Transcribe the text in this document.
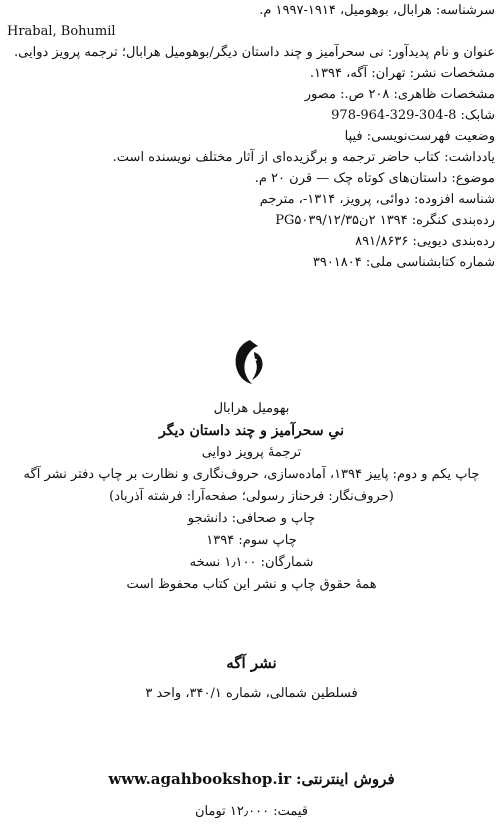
سرشناسه: هرابال، بوهومیل، ۱۹۱۴-۱۹۹۷ م.
Hrabal, Bohumil
عنوان و نام پدیدآور: نی سحرآمیز و چند داستان دیگر/بوهومیل هرابال؛ ترجمه پرویز دوایی.
مشخصات نشر: تهران: آگه، ۱۳۹۴.
مشخصات ظاهری: ۲۰۸ ص.: مصور
شابک: 8-304-329-964-978
وضعیت فهرست‌نویسی: فیپا
یادداشت: کتاب حاضر ترجمه و برگزیده‌ای از آثار مختلف نویسنده است.
موضوع: داستان‌های کوتاه چک — قرن ۲۰ م.
شناسه افزوده: دوائی، پرویز، ۱۳۱۴-، مترجم
رده‌بندی کنگره: ۱۳۹۴ ۲ن۱۲/۳۵/PG۵۰۳۹
رده‌بندی دیویی: ۸۹۱/۸۶۳۶
شماره کتابشناسی ملی: ۳۹۰۱۸۰۴
بهومیل هرابال
نیِ سحرآمیز و چند داستان دیگر
ترجمهٔ پرویز دوایی
چاپ یکم و دوم: پاییز ۱۳۹۴، آماده‌سازی، حروف‌نگاری و نظارت بر چاپ دفتر نشر آگه
(حروف‌نگار: فرحناز رسولی؛ صفحه‌آرا: فرشته آذرباد)
چاپ و صحافی: دانشجو
چاپ سوم: ۱۳۹۴
شمارگان: ۱٫۱۰۰ نسخه
همهٔ حقوق چاپ و نشر این کتاب محفوظ است
نشر آگه
فسلطین شمالی، شماره ۳۴۰/۱، واحد ۳
فروش اینترنتی: www.agahbookshop.ir
قیمت: ۱۲٫۰۰۰ تومان
